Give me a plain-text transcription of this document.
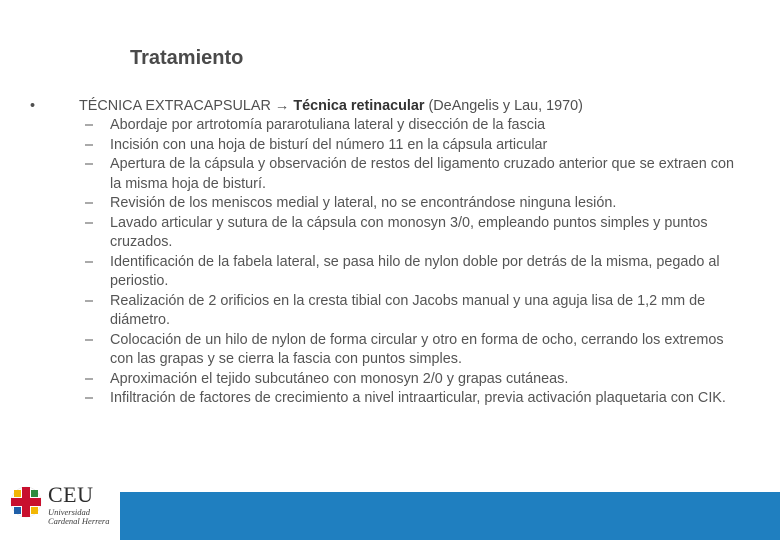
Tratamiento
•	TÉCNICA EXTRACAPSULAR → Técnica retinacular (DeAngelis y Lau, 1970)
– Abordaje por artrotomía pararotuliana lateral y disección de la fascia
– Incisión con una hoja de bisturí del número 11 en la cápsula articular
– Apertura de la cápsula y observación de restos del ligamento cruzado anterior que se extraen con la misma hoja de bisturí.
– Revisión de los meniscos medial y lateral, no se encontrándose ninguna lesión.
– Lavado articular y sutura de la cápsula con monosyn 3/0, empleando puntos simples y puntos cruzados.
– Identificación de la fabela lateral, se pasa hilo de nylon doble por detrás de la misma, pegado al periostio.
– Realización de 2 orificios en la cresta tibial con Jacobs manual y una aguja lisa de 1,2 mm de diámetro.
– Colocación de un hilo de nylon de forma circular y otro en forma de ocho, cerrando los extremos con las grapas y se cierra la fascia con puntos simples.
– Aproximación el tejido subcutáneo con monosyn 2/0 y grapas cutáneas.
– Infiltración de factores de crecimiento a nivel intraarticular, previa activación plaquetaria con CIK.
CEU
Universidad
Cardenal Herrera
